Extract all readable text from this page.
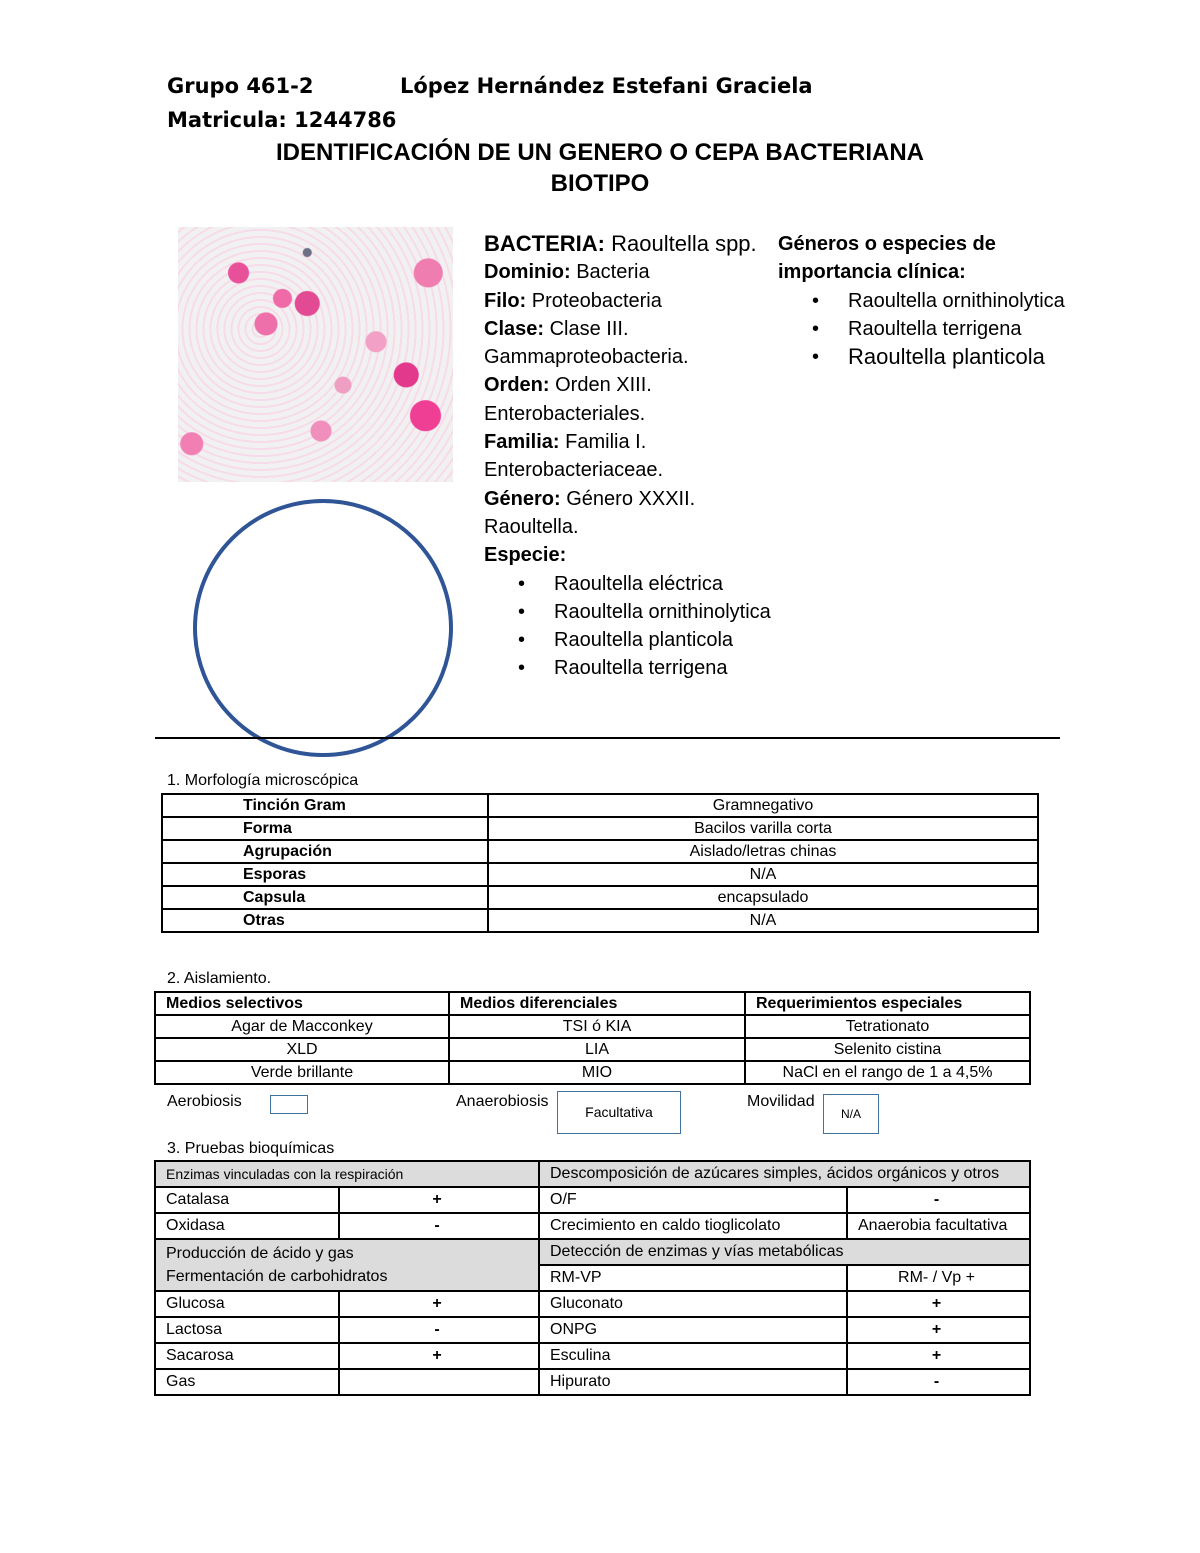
Grupo 461-2	López Hernández Estefani Graciela
Matricula: 1244786
IDENTIFICACIÓN DE UN GENERO O CEPA BACTERIANA
BIOTIPO

BACTERIA: Raoultella spp.

Dominio: Bacteria

Filo: Proteobacteria

Clase: Clase III.

Gammaproteobacteria.

Orden: Orden XIII.

Enterobacteriales.

Familia: Familia I.

Enterobacteriaceae.

Género: Género XXXII.

Raoultella.

Especie:

• Raoultella eléctrica
• Raoultella ornithinolytica
• Raoultella planticola
• Raoultella terrigena

Géneros o especies de importancia clínica:

• Raoultella ornithinolytica
• Raoultella terrigena
• Raoultella planticola
1. Morfología microscópica
Tinción Gram	Gramnegativo
Forma	Bacilos varilla corta
Agrupación	Aislado/letras chinas
Esporas	N/A
Capsula	encapsulado
Otras	N/A
2. Aislamiento.
Medios selectivos	Medios diferenciales	Requerimientos especiales
Agar de Macconkey	TSI ó KIA	Tetrationato
XLD	LIA	Selenito cistina
Verde brillante	MIO	NaCl en el rango de 1 a 4,5%
Aerobiosis	Anaerobiosis
Facultativa
Movilidad
N/A
3. Pruebas bioquímicas
Enzimas vinculadas con la respiración		Descomposición de azúcares simples, ácidos orgánicos y otros	
Catalasa	+	O/F	-
Oxidasa	-	Crecimiento en caldo tioglicolato	Anaerobia facultativa

Producción de ácido y gas
Fermentación de carbohidratos		Detección de enzimas y vías metabólicas	
		RM-VP	RM- / Vp +
Glucosa	+	Gluconato	+
Lactosa	-	ONPG	+
Sacarosa	+	Esculina	+
Gas		Hipurato	-
